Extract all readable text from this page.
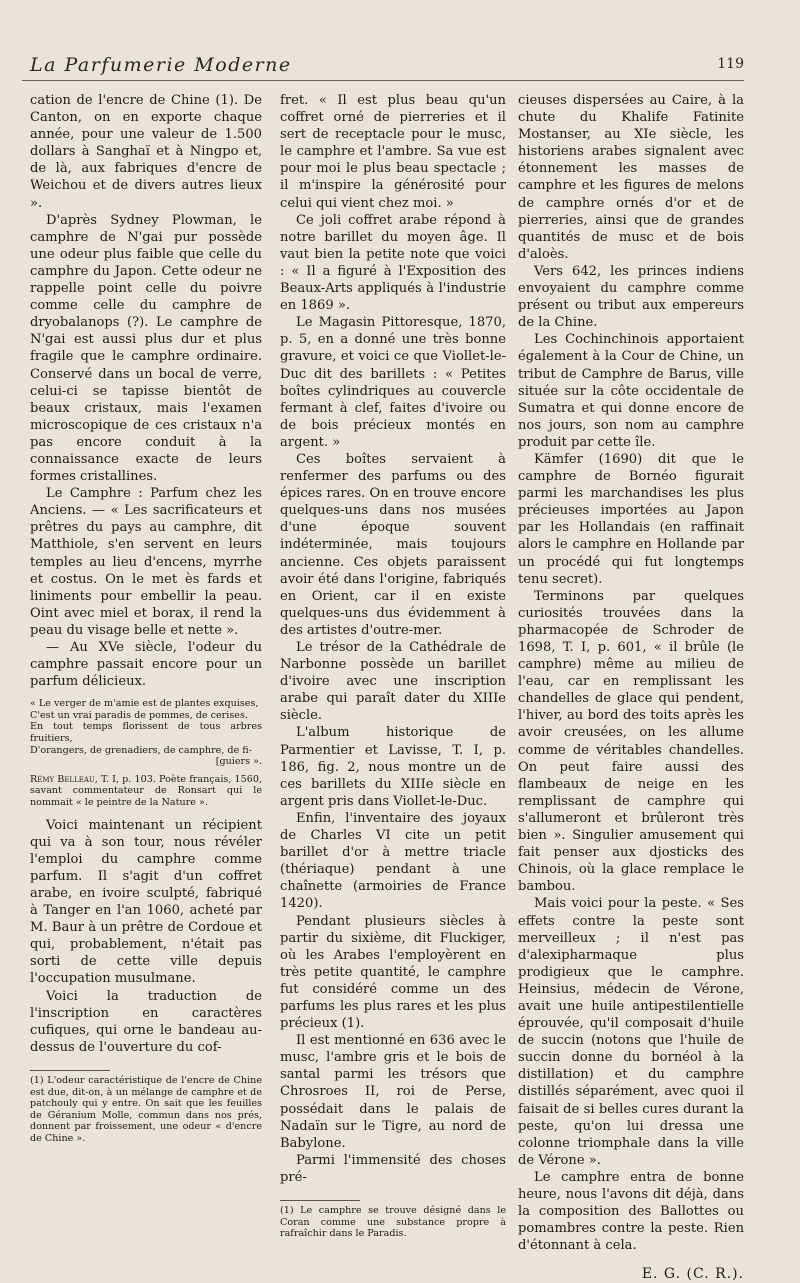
La Parfumerie Moderne	119

cation de l'encre de Chine (1). De Canton, on en exporte chaque année, pour une valeur de 1.500 dollars à Sanghaï et à Ningpo et, de là, aux fabriques d'encre de Weichou et de divers autres lieux ».

D'après Sydney Plowman, le camphre de N'gai pur possède une odeur plus faible que celle du camphre du Japon. Cette odeur ne rappelle point celle du poivre comme celle du camphre de dryobalanops (?). Le camphre de N'gai est aussi plus dur et plus fragile que le camphre ordinaire. Conservé dans un bocal de verre, celui-ci se tapisse bientôt de beaux cristaux, mais l'examen microscopique de ces cristaux n'a pas encore conduit à la connaissance exacte de leurs formes cristallines.

Le Camphre : Parfum chez les Anciens. — « Les sacrificateurs et prêtres du pays au camphre, dit Matthiole, s'en servent en leurs temples au lieu d'encens, myrrhe et costus. On le met ès fards et liniments pour embellir la peau. Oint avec miel et borax, il rend la peau du visage belle et nette ».

— Au XVe siècle, l'odeur du camphre passait encore pour un parfum délicieux.

« Le verger de m'amie est de plantes exquises,
C'est un vrai paradis de pommes, de cerises.
En tout temps florissent de tous arbres fruitiers,
D'orangers, de grenadiers, de camphre, de fi-
[guiers ».
Rémy Belleau, T. I, p. 103. Poète français, 1560, savant commentateur de Ronsart qui le nommait « le peintre de la Nature ».

Voici maintenant un récipient qui va à son tour, nous révéler l'emploi du camphre comme parfum. Il s'agit d'un coffret arabe, en ivoire sculpté, fabriqué à Tanger en l'an 1060, acheté par M. Baur à un prêtre de Cordoue et qui, probablement, n'était pas sorti de cette ville depuis l'occupation musulmane.

Voici la traduction de l'inscription en caractères cufiques, qui orne le bandeau au-dessus de l'ouverture du cof-

(1) L'odeur caractéristique de l'encre de Chine est due, dit-on, à un mélange de camphre et de patchouly qui y entre. On sait que les feuilles de Géranium Molle, commun dans nos prés, donnent par froissement, une odeur « d'encre de Chine ».

fret. « Il est plus beau qu'un coffret orné de pierreries et il sert de receptacle pour le musc, le camphre et l'ambre. Sa vue est pour moi le plus beau spectacle ; il m'inspire la générosité pour celui qui vient chez moi. »

Ce joli coffret arabe répond à notre barillet du moyen âge. Il vaut bien la petite note que voici : « Il a figuré à l'Exposition des Beaux-Arts appliqués à l'industrie en 1869 ».

Le Magasin Pittoresque, 1870, p. 5, en a donné une très bonne gravure, et voici ce que Viollet-le-Duc dit des barillets : « Petites boîtes cylindriques au couvercle fermant à clef, faites d'ivoire ou de bois précieux montés en argent. »

Ces boîtes servaient à renfermer des parfums ou des épices rares. On en trouve encore quelques-uns dans nos musées d'une époque souvent indéterminée, mais toujours ancienne. Ces objets paraissent avoir été dans l'origine, fabriqués en Orient, car il en existe quelques-uns dus évidemment à des artistes d'outre-mer.

Le trésor de la Cathédrale de Narbonne possède un barillet d'ivoire avec une inscription arabe qui paraît dater du XIIIe siècle.

L'album historique de Parmentier et Lavisse, T. I, p. 186, fig. 2, nous montre un de ces barillets du XIIIe siècle en argent pris dans Viollet-le-Duc.

Enfin, l'inventaire des joyaux de Charles VI cite un petit barillet d'or à mettre triacle (thériaque) pendant à une chaînette (armoiries de France 1420).

Pendant plusieurs siècles à partir du sixième, dit Fluckiger, où les Arabes l'employèrent en très petite quantité, le camphre fut considéré comme un des parfums les plus rares et les plus précieux (1).

Il est mentionné en 636 avec le musc, l'ambre gris et le bois de santal parmi les trésors que Chrosroes II, roi de Perse, possédait dans le palais de Nadaïn sur le Tigre, au nord de Babylone.

Parmi l'immensité des choses pré-

(1) Le camphre se trouve désigné dans le Coran comme une substance propre à rafraîchir dans le Paradis.

cieuses dispersées au Caire, à la chute du Khalife Fatinite Mostanser, au XIe siècle, les historiens arabes signalent avec étonnement les masses de camphre et les figures de melons de camphre ornés d'or et de pierreries, ainsi que de grandes quantités de musc et de bois d'aloès.

Vers 642, les princes indiens envoyaient du camphre comme présent ou tribut aux empereurs de la Chine.

Les Cochinchinois apportaient également à la Cour de Chine, un tribut de Camphre de Barus, ville située sur la côte occidentale de Sumatra et qui donne encore de nos jours, son nom au camphre produit par cette île.

Kämfer (1690) dit que le camphre de Bornéo figurait parmi les marchandises les plus précieuses importées au Japon par les Hollandais (en raffinait alors le camphre en Hollande par un procédé qui fut longtemps tenu secret).

Terminons par quelques curiosités trouvées dans la pharmacopée de Schroder de 1698, T. I, p. 601, « il brûle (le camphre) même au milieu de l'eau, car en remplissant les chandelles de glace qui pendent, l'hiver, au bord des toits après les avoir creusées, on les allume comme de véritables chandelles. On peut faire aussi des flambeaux de neige en les remplissant de camphre qui s'allumeront et brûleront très bien ». Singulier amusement qui fait penser aux djosticks des Chinois, où la glace remplace le bambou.

Mais voici pour la peste. « Ses effets contre la peste sont merveilleux ; il n'est pas d'alexipharmaque plus prodigieux que le camphre. Heinsius, médecin de Vérone, avait une huile antipestilentielle éprouvée, qu'il composait d'huile de succin (notons que l'huile de succin donne du bornéol à la distillation) et du camphre distillés séparément, avec quoi il faisait de si belles cures durant la peste, qu'on lui dressa une colonne triomphale dans la ville de Vérone ».

Le camphre entra de bonne heure, nous l'avons dit déjà, dans la composition des Ballottes ou pomambres contre la peste. Rien d'étonnant à cela.

E. G. (C. R.).
